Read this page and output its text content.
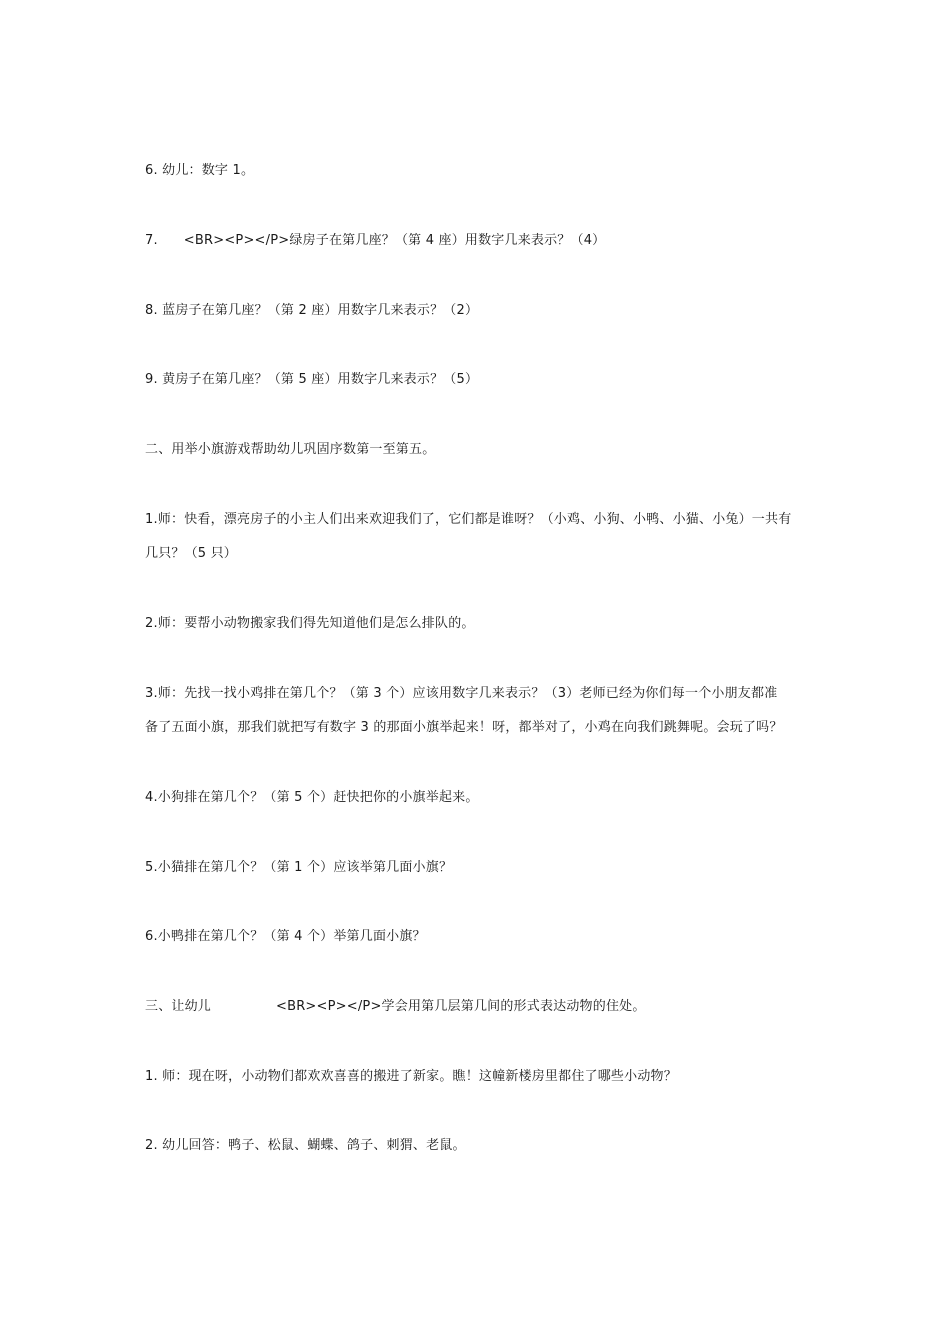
6. 幼儿：数字 1。

7.      <BR><P></P>绿房子在第几座？（第 4 座）用数字几来表示？（4）

8. 蓝房子在第几座？（第 2 座）用数字几来表示？（2）

9. 黄房子在第几座？（第 5 座）用数字几来表示？（5）

二、用举小旗游戏帮助幼儿巩固序数第一至第五。

1.师：快看，漂亮房子的小主人们出来欢迎我们了，它们都是谁呀？（小鸡、小狗、小鸭、小猫、小兔）一共有

几只？（5 只）

2.师：要帮小动物搬家我们得先知道他们是怎么排队的。

3.师：先找一找小鸡排在第几个？（第 3 个）应该用数字几来表示？（3）老师已经为你们每一个小朋友都准

备了五面小旗，那我们就把写有数字 3 的那面小旗举起来！呀，都举对了，小鸡在向我们跳舞呢。会玩了吗？

4.小狗排在第几个？（第 5 个）赶快把你的小旗举起来。

5.小猫排在第几个？（第 1 个）应该举第几面小旗？

6.小鸭排在第几个？（第 4 个）举第几面小旗？

三、让幼儿               <BR><P></P>学会用第几层第几间的形式表达动物的住处。

1. 师：现在呀，小动物们都欢欢喜喜的搬进了新家。瞧！这幢新楼房里都住了哪些小动物？

2. 幼儿回答：鸭子、松鼠、蝴蝶、鸽子、刺猬、老鼠。
